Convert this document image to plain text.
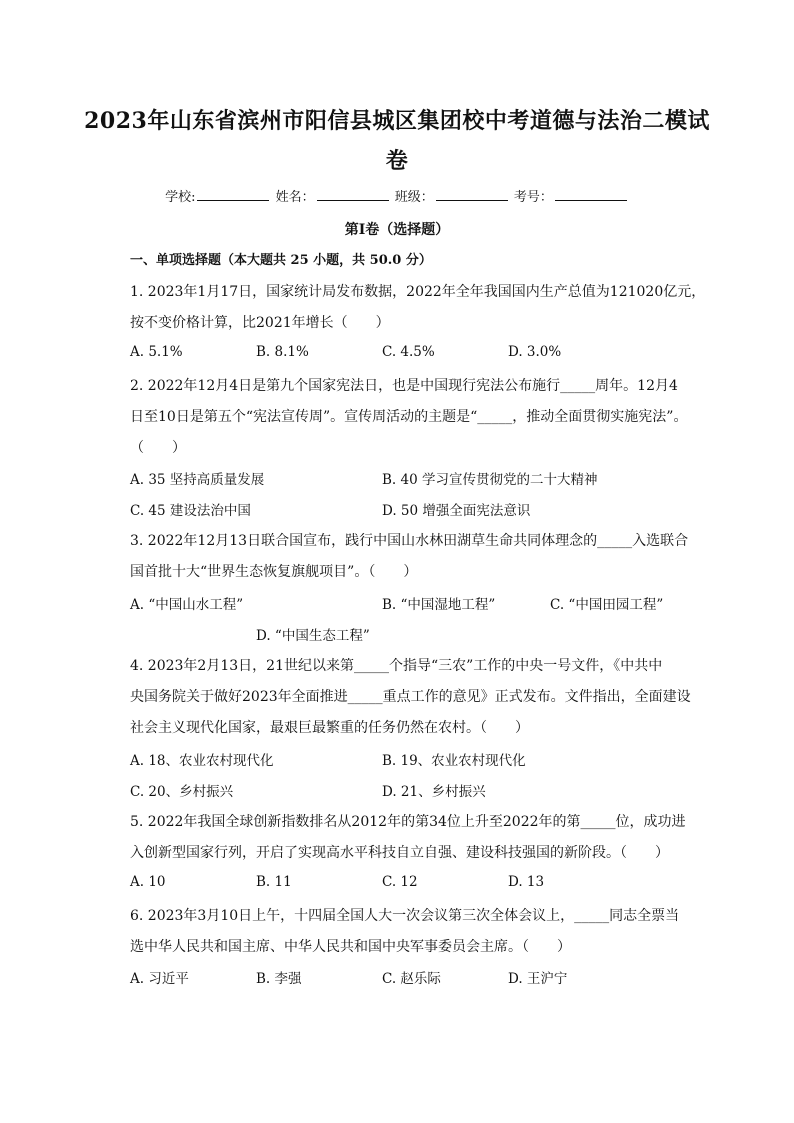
2023年山东省滨州市阳信县城区集团校中考道德与法治二模试
卷
学校:	姓名：	班级：	考号：
第Ⅰ卷（选择题）
一、单项选择题（本大题共 25 小题，共 50.0 分）
1. 2023年1月17日，国家统计局发布数据，2022年全年我国国内生产总值为121020亿元，
按不变价格计算，比2021年增长（　　）
A. 5.1%	B. 8.1%	C. 4.5%	D. 3.0%
2. 2022年12月4日是第九个国家宪法日，也是中国现行宪法公布施行_____周年。12月4
日至10日是第五个“宪法宣传周”。宣传周活动的主题是“_____，推动全面贯彻实施宪法”。
（　　）
A. 35 坚持高质量发展	B. 40 学习宣传贯彻党的二十大精神
C. 45 建设法治中国	D. 50 增强全面宪法意识
3. 2022年12月13日联合国宣布，践行中国山水林田湖草生命共同体理念的_____入选联合
国首批十大“世界生态恢复旗舰项目”。（　　）
A. “中国山水工程”	B. “中国湿地工程”	C. “中国田园工程”
D. “中国生态工程”
4. 2023年2月13日，21世纪以来第_____个指导“三农”工作的中央一号文件，《中共中
央国务院关于做好2023年全面推进_____重点工作的意见》正式发布。文件指出，全面建设
社会主义现代化国家，最艰巨最繁重的任务仍然在农村。（　　）
A. 18、农业农村现代化	B. 19、农业农村现代化
C. 20、乡村振兴	D. 21、乡村振兴
5. 2022年我国全球创新指数排名从2012年的第34位上升至2022年的第_____位，成功进
入创新型国家行列，开启了实现高水平科技自立自强、建设科技强国的新阶段。（　　）
A. 10	B. 11	C. 12	D. 13
6. 2023年3月10日上午，十四届全国人大一次会议第三次全体会议上，_____同志全票当
选中华人民共和国主席、中华人民共和国中央军事委员会主席。（　　）
A. 习近平	B. 李强	C. 赵乐际	D. 王沪宁
